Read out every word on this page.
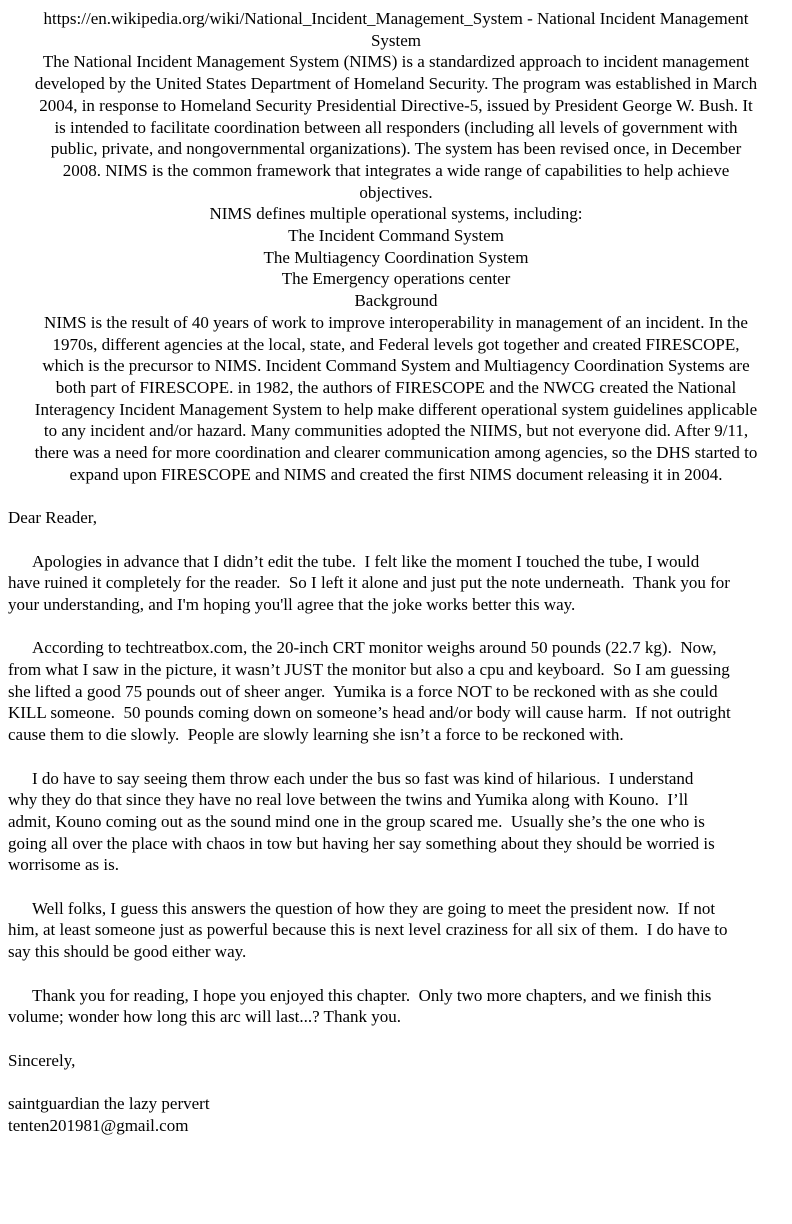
https://en.wikipedia.org/wiki/National_Incident_Management_System - National Incident Management
System
The National Incident Management System (NIMS) is a standardized approach to incident management
developed by the United States Department of Homeland Security. The program was established in March
2004, in response to Homeland Security Presidential Directive-5, issued by President George W. Bush. It
is intended to facilitate coordination between all responders (including all levels of government with
public, private, and nongovernmental organizations). The system has been revised once, in December
2008. NIMS is the common framework that integrates a wide range of capabilities to help achieve
objectives.
NIMS defines multiple operational systems, including:
The Incident Command System
The Multiagency Coordination System
The Emergency operations center
Background
NIMS is the result of 40 years of work to improve interoperability in management of an incident. In the
1970s, different agencies at the local, state, and Federal levels got together and created FIRESCOPE,
which is the precursor to NIMS. Incident Command System and Multiagency Coordination Systems are
both part of FIRESCOPE. in 1982, the authors of FIRESCOPE and the NWCG created the National
Interagency Incident Management System to help make different operational system guidelines applicable
to any incident and/or hazard. Many communities adopted the NIIMS, but not everyone did. After 9/11,
there was a need for more coordination and clearer communication among agencies, so the DHS started to
expand upon FIRESCOPE and NIMS and created the first NIMS document releasing it in 2004.
Dear Reader,
Apologies in advance that I didn’t edit the tube.  I felt like the moment I touched the tube, I would
have ruined it completely for the reader.  So I left it alone and just put the note underneath.  Thank you for
your understanding, and I'm hoping you'll agree that the joke works better this way.
According to techtreatbox.com, the 20-inch CRT monitor weighs around 50 pounds (22.7 kg).  Now,
from what I saw in the picture, it wasn’t JUST the monitor but also a cpu and keyboard.  So I am guessing
she lifted a good 75 pounds out of sheer anger.  Yumika is a force NOT to be reckoned with as she could
KILL someone.  50 pounds coming down on someone’s head and/or body will cause harm.  If not outright
cause them to die slowly.  People are slowly learning she isn’t a force to be reckoned with.
I do have to say seeing them throw each under the bus so fast was kind of hilarious.  I understand
why they do that since they have no real love between the twins and Yumika along with Kouno.  I’ll
admit, Kouno coming out as the sound mind one in the group scared me.  Usually she’s the one who is
going all over the place with chaos in tow but having her say something about they should be worried is
worrisome as is.
Well folks, I guess this answers the question of how they are going to meet the president now.  If not
him, at least someone just as powerful because this is next level craziness for all six of them.  I do have to
say this should be good either way.
Thank you for reading, I hope you enjoyed this chapter.  Only two more chapters, and we finish this
volume; wonder how long this arc will last...? Thank you.
Sincerely,
saintguardian the lazy pervert
tenten201981@gmail.com
